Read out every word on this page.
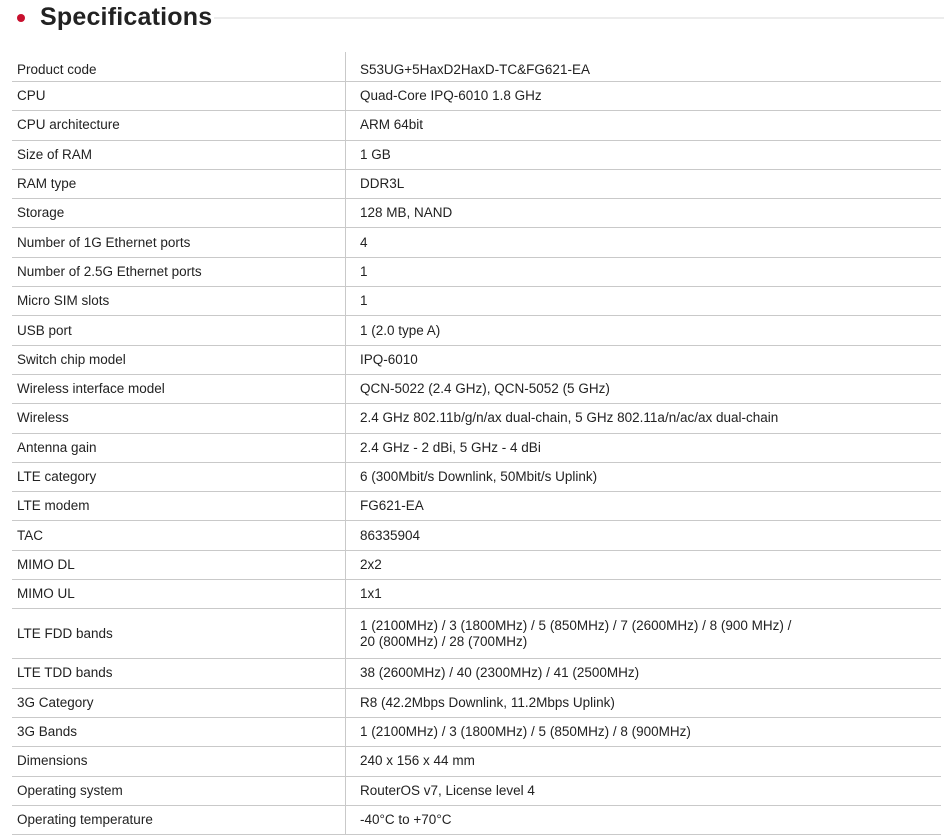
Specifications
Product code	S53UG+5HaxD2HaxD-TC&FG621-EA
CPU	Quad-Core IPQ-6010 1.8 GHz
CPU architecture	ARM 64bit
Size of RAM	1 GB
RAM type	DDR3L
Storage	128 MB, NAND
Number of 1G Ethernet ports	4
Number of 2.5G Ethernet ports	1
Micro SIM slots	1
USB port	1 (2.0 type A)
Switch chip model	IPQ-6010
Wireless interface model	QCN-5022 (2.4 GHz), QCN-5052 (5 GHz)
Wireless	2.4 GHz 802.11b/g/n/ax dual-chain, 5 GHz 802.11a/n/ac/ax dual-chain
Antenna gain	2.4 GHz - 2 dBi, 5 GHz - 4 dBi
LTE category	6 (300Mbit/s Downlink, 50Mbit/s Uplink)
LTE modem	FG621-EA
TAC	86335904
MIMO DL	2x2
MIMO UL	1x1
LTE FDD bands	1 (2100MHz) / 3 (1800MHz) / 5 (850MHz) / 7 (2600MHz) / 8 (900 MHz) /
20 (800MHz) / 28 (700MHz)
LTE TDD bands	38 (2600MHz) / 40 (2300MHz) / 41 (2500MHz)
3G Category	R8 (42.2Mbps Downlink, 11.2Mbps Uplink)
3G Bands	1 (2100MHz) / 3 (1800MHz) / 5 (850MHz) / 8 (900MHz)
Dimensions	240 x 156 x 44 mm
Operating system	RouterOS v7, License level 4
Operating temperature	-40°C to +70°C
